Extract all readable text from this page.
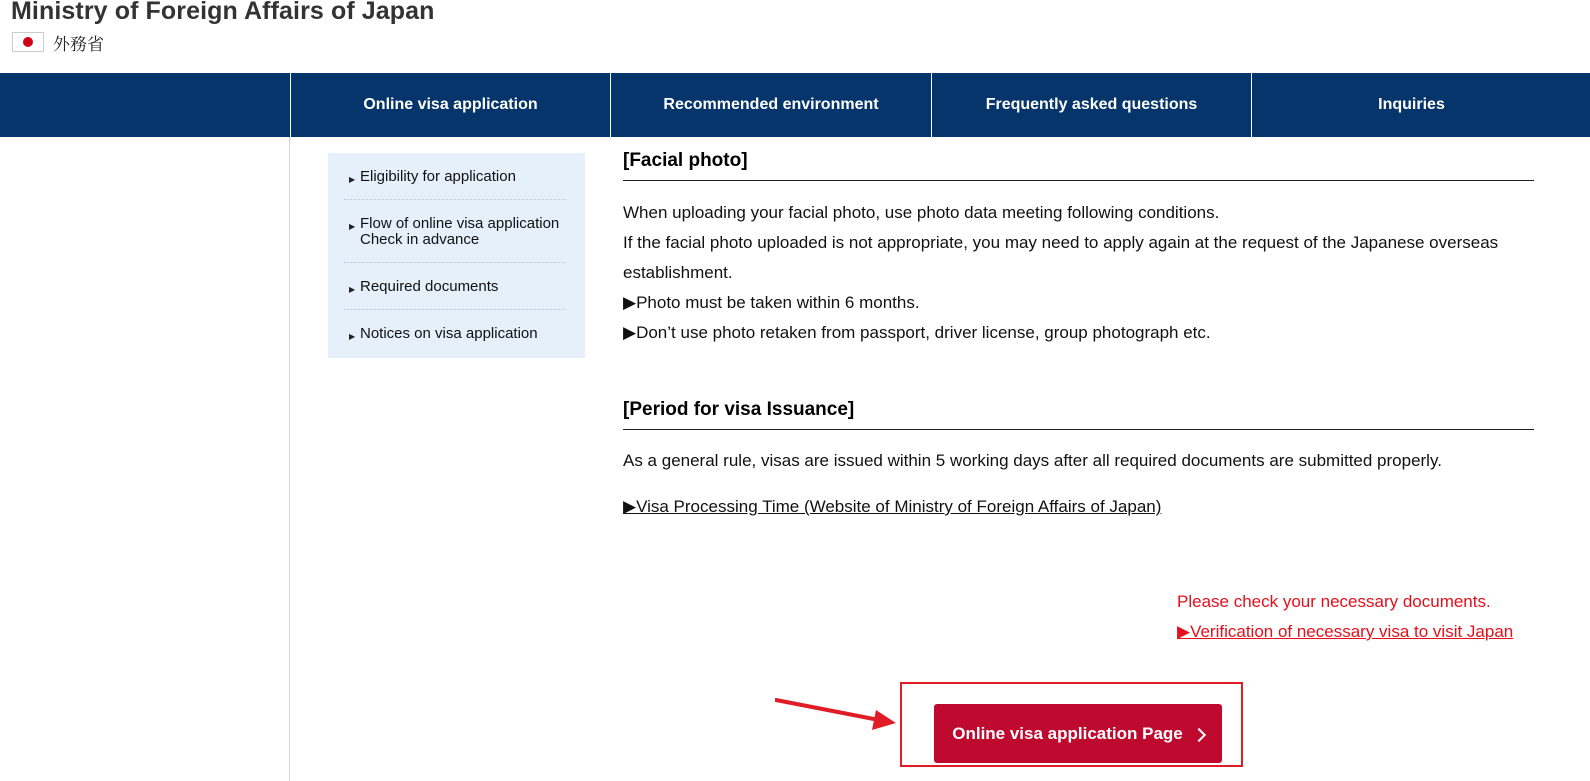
Ministry of Foreign Affairs of Japan
外務省
Online visa application	Recommended environment	Frequently asked questions	Inquiries
▶ Eligibility for application
▶ Flow of online visa application Check in advance
▶ Required documents
▶ Notices on visa application
[Facial photo]
When uploading your facial photo, use photo data meeting following conditions.
If the facial photo uploaded is not appropriate, you may need to apply again at the request of the Japanese overseas establishment.
▶Photo must be taken within 6 months.
▶Don’t use photo retaken from passport, driver license, group photograph etc.
[Period for visa Issuance]
As a general rule, visas are issued within 5 working days after all required documents are submitted properly.
▶Visa Processing Time (Website of Ministry of Foreign Affairs of Japan)
Please check your necessary documents.
▶Verification of necessary visa to visit Japan
Online visa application Page
